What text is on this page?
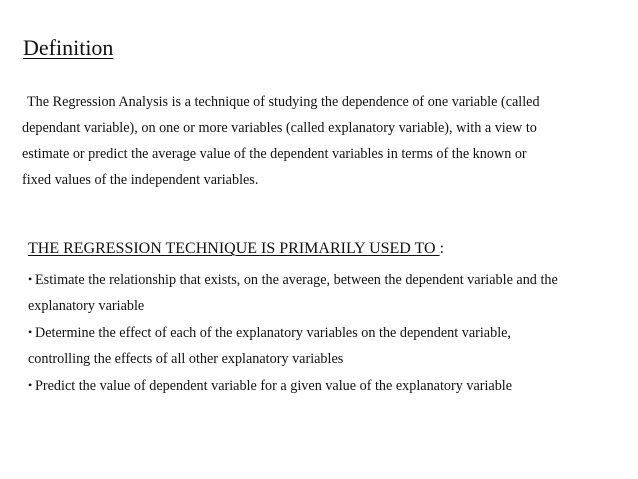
Definition
The Regression Analysis is a technique of studying the dependence of one variable (called
dependant variable), on one or more variables (called explanatory variable), with a view to
estimate or predict the average value of the dependent variables in terms of the known or
fixed values of the independent variables.
THE REGRESSION TECHNIQUE IS PRIMARILY USED TO :
• Estimate the relationship that exists, on the average, between the dependent variable and the
explanatory variable
• Determine the effect of each of the explanatory variables on the dependent variable,
controlling the effects of all other explanatory variables
• Predict the value of dependent variable for a given value of the explanatory variable
